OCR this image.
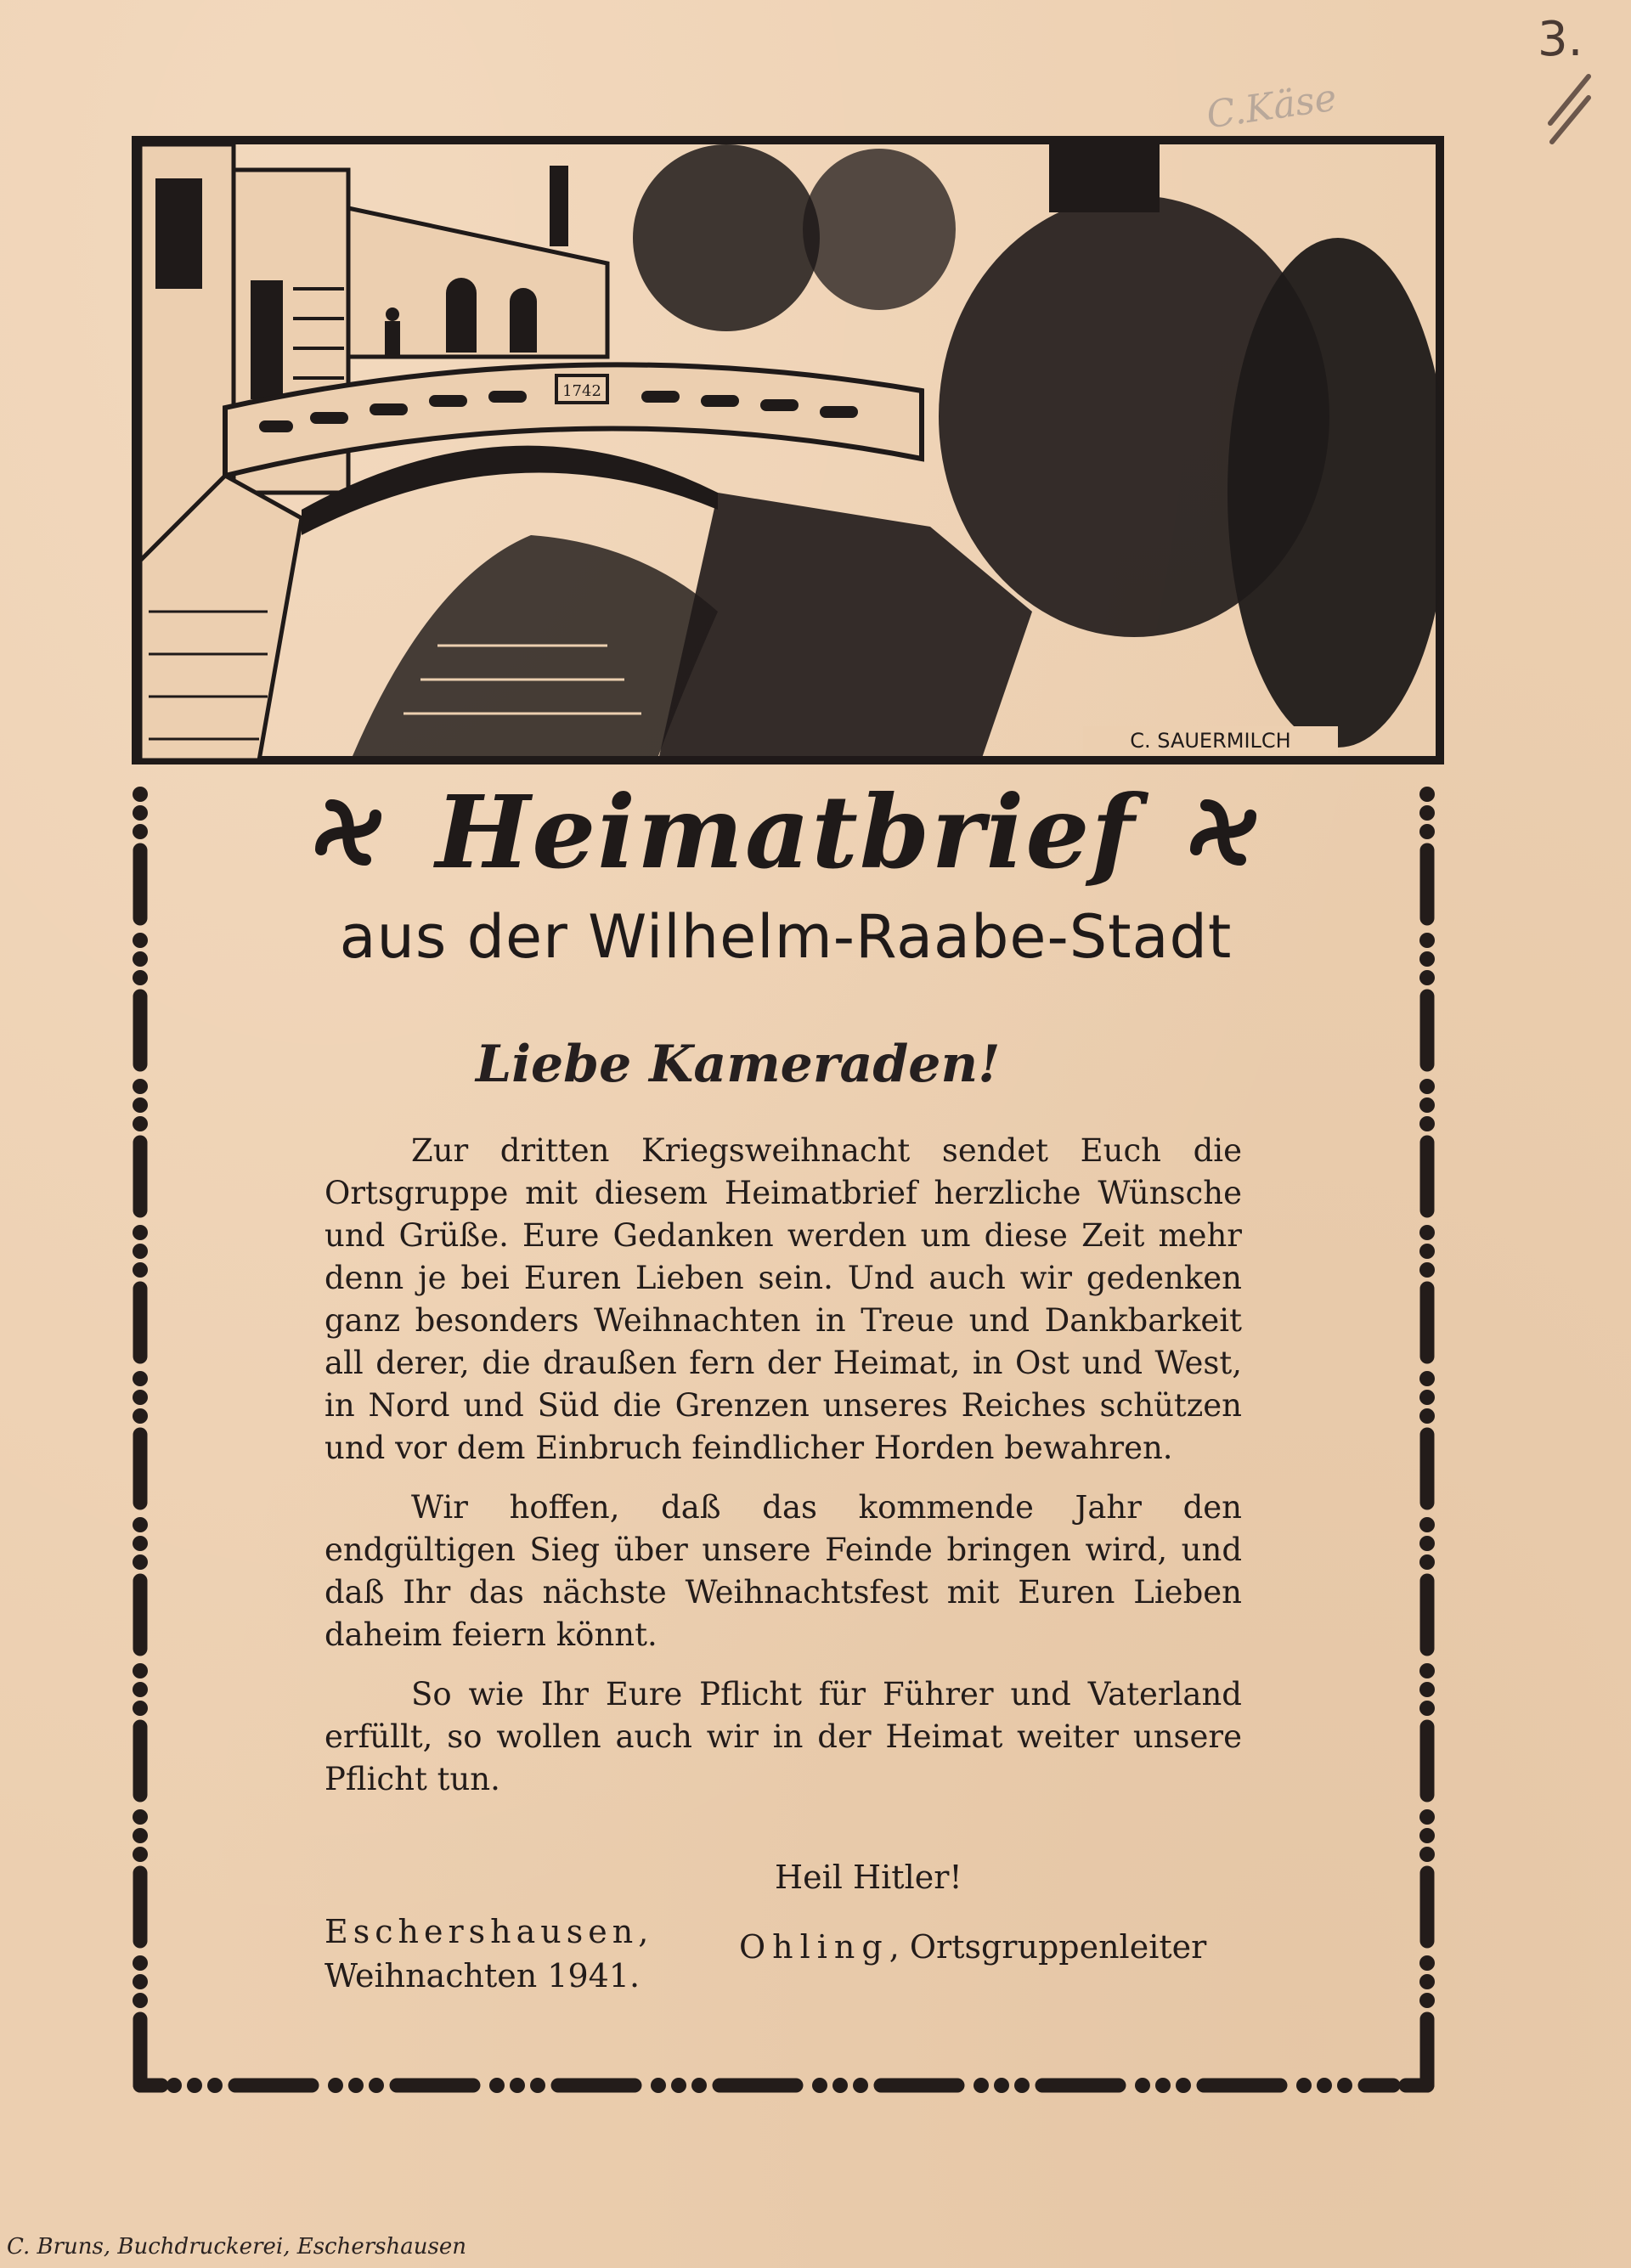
3.
C.Käse
1742
C. SAUERMILCH
Heimatbrief
aus der Wilhelm-Raabe-Stadt
Liebe Kameraden!

Zur dritten Kriegsweihnacht sendet Euch die Ortsgruppe mit diesem Heimatbrief herzliche Wünsche und Grüße. Eure Gedanken werden um diese Zeit mehr denn je bei Euren Lieben sein. Und auch wir gedenken ganz besonders Weihnachten in Treue und Dankbarkeit all derer, die draußen fern der Heimat, in Ost und West, in Nord und Süd die Grenzen unseres Reiches schützen und vor dem Einbruch feindlicher Horden bewahren.

Wir hoffen, daß das kommende Jahr den endgültigen Sieg über unsere Feinde bringen wird, und daß Ihr das nächste Weihnachtsfest mit Euren Lieben daheim feiern könnt.

So wie Ihr Eure Pflicht für Führer und Vaterland erfüllt, so wollen auch wir in der Heimat weiter unsere Pflicht tun.

Heil Hitler!
Eschershausen,
Weihnachten 1941.
Ohling, Ortsgruppenleiter
C. Bruns, Buchdruckerei, Eschershausen
